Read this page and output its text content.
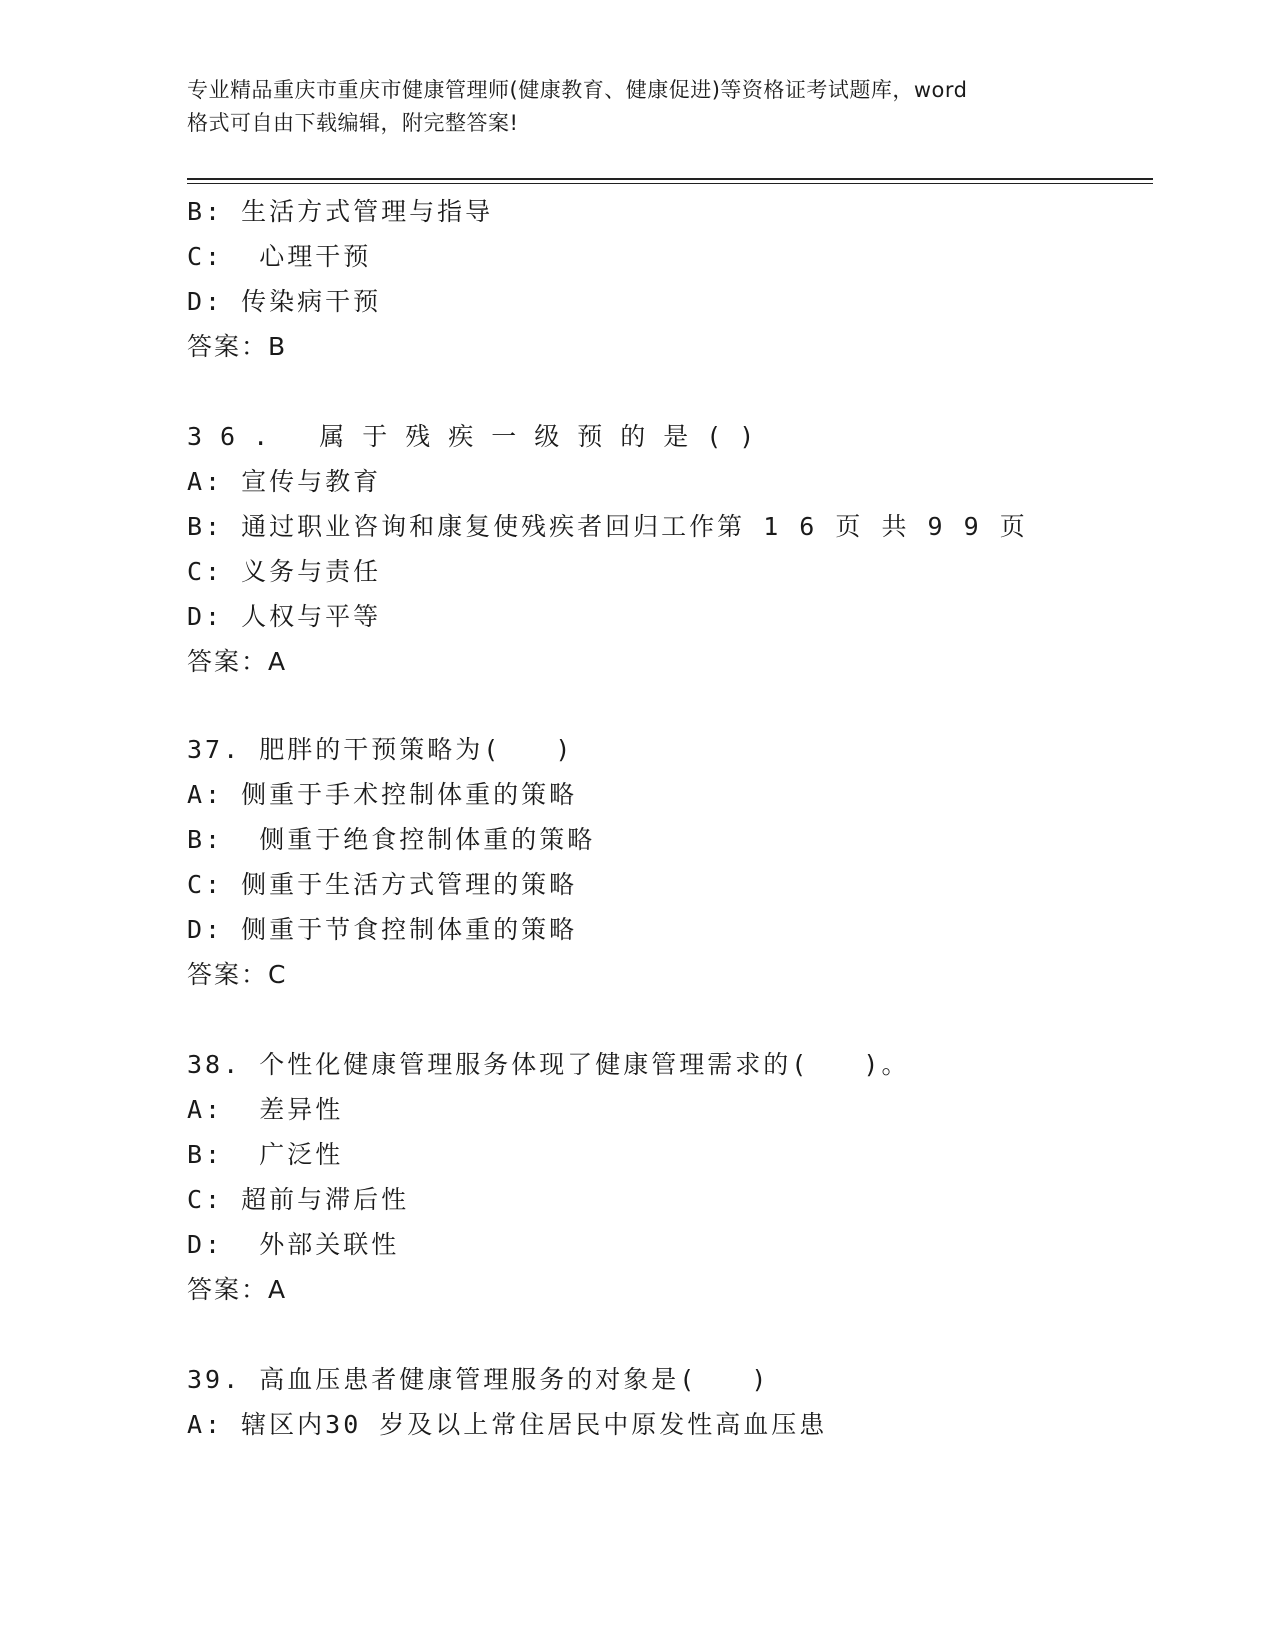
专业精品重庆市重庆市健康管理师(健康教育、健康促进)等资格证考试题库，word
格式可自由下载编辑，附完整答案!
B: 生活方式管理与指导
C:  心理干预
D: 传染病干预
答案：B
36. 属于残疾一级预的是()
A: 宣传与教育
B: 通过职业咨询和康复使残疾者回归工作第 1 6 页 共 9 9 页
C: 义务与责任
D: 人权与平等
答案：A
37. 肥胖的干预策略为(   )
A: 侧重于手术控制体重的策略
B:  侧重于绝食控制体重的策略
C: 侧重于生活方式管理的策略
D: 侧重于节食控制体重的策略
答案：C
38. 个性化健康管理服务体现了健康管理需求的(   )。
A:  差异性
B:  广泛性
C: 超前与滞后性
D:  外部关联性
答案：A
39. 高血压患者健康管理服务的对象是(   )
A: 辖区内30 岁及以上常住居民中原发性高血压患
